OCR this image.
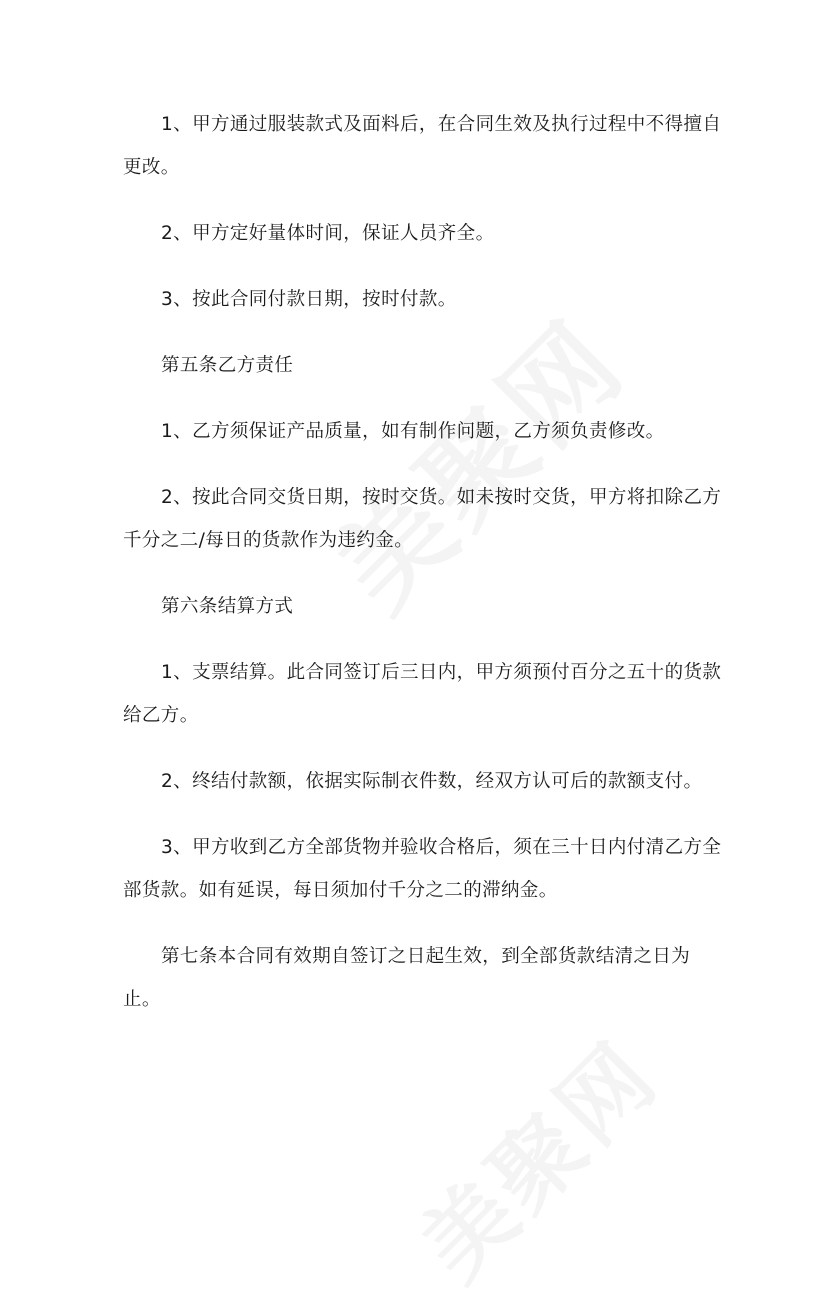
1、甲方通过服装款式及面料后，在合同生效及执行过程中不得擅自更改。

2、甲方定好量体时间，保证人员齐全。

3、按此合同付款日期，按时付款。

第五条乙方责任

1、乙方须保证产品质量，如有制作问题，乙方须负责修改。

2、按此合同交货日期，按时交货。如未按时交货，甲方将扣除乙方千分之二/每日的货款作为违约金。

第六条结算方式

1、支票结算。此合同签订后三日内，甲方须预付百分之五十的货款给乙方。

2、终结付款额，依据实际制衣件数，经双方认可后的款额支付。

3、甲方收到乙方全部货物并验收合格后，须在三十日内付清乙方全部货款。如有延误，每日须加付千分之二的滞纳金。

第七条本合同有效期自签订之日起生效，到全部货款结清之日为止。
